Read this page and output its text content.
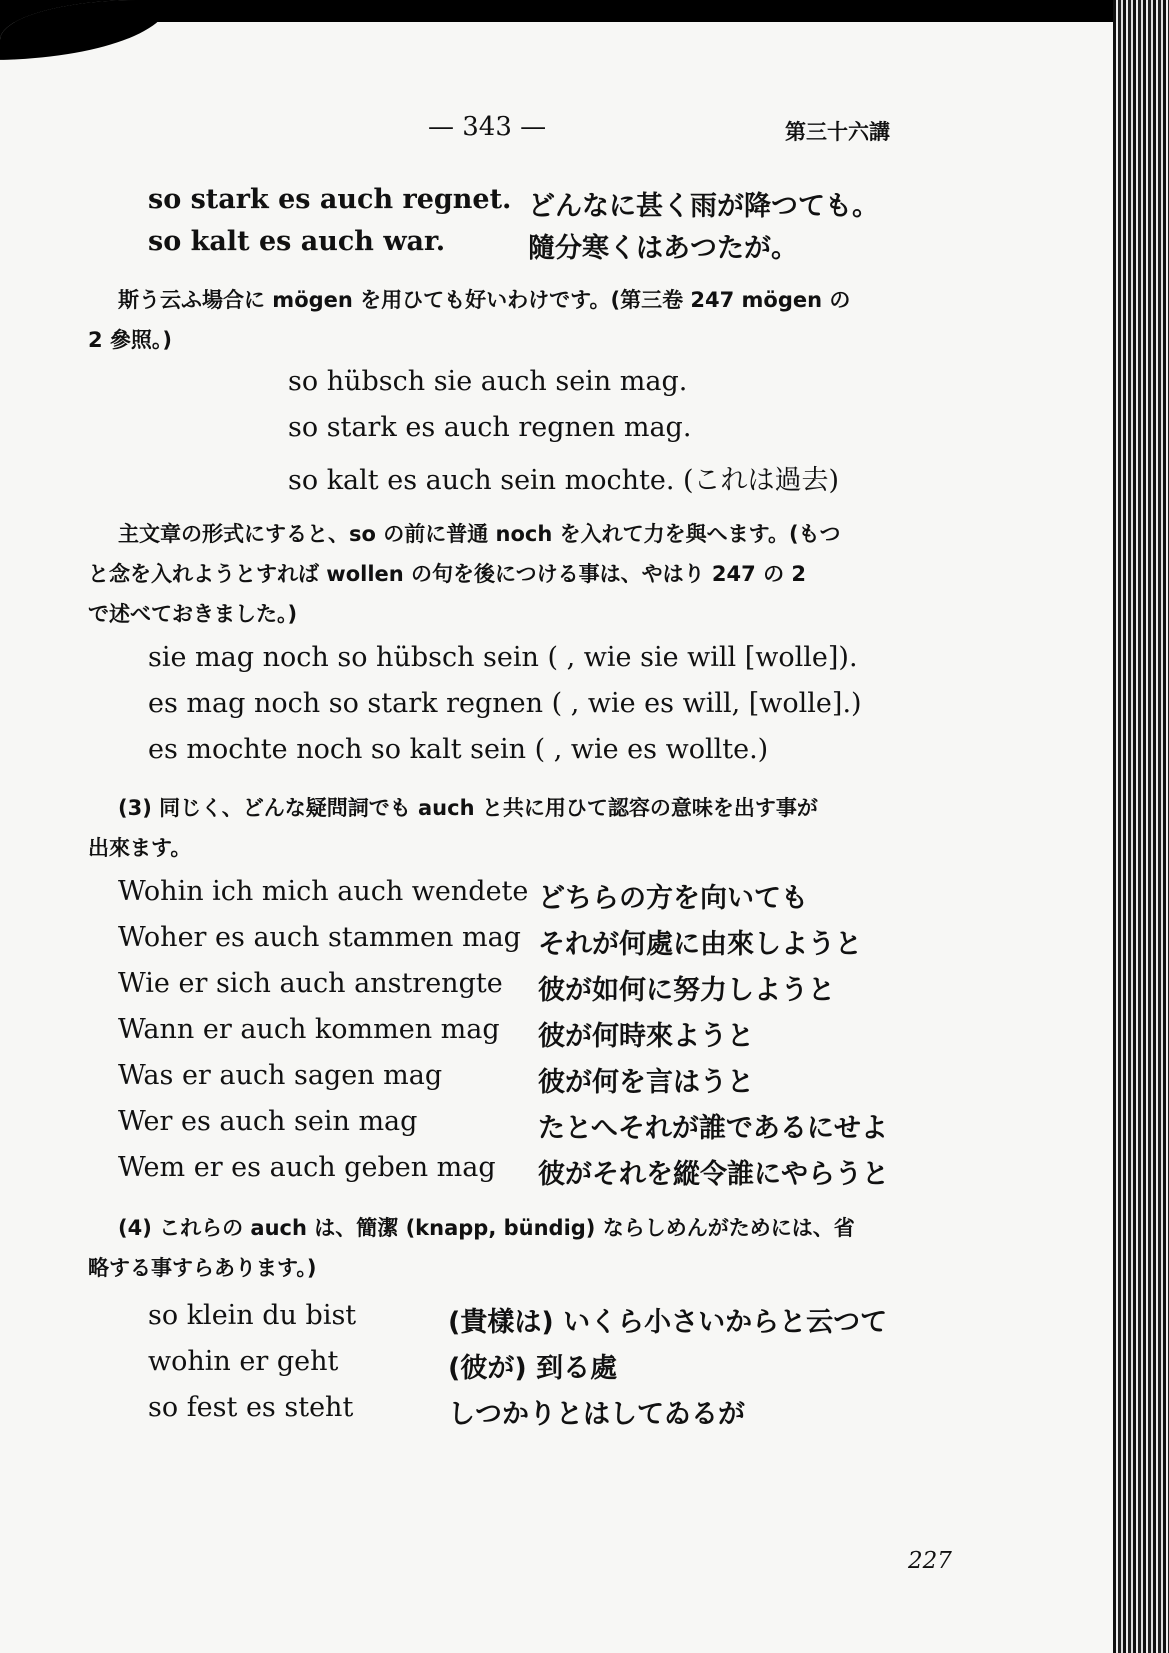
— 343 —	第三十六講
so stark es auch regnet. どんなに甚く雨が降つても。
so kalt es auch war.	隨分寒くはあつたが。
斯う云ふ場合に mögen を用ひても好いわけです。(第三卷 247 mögen の
2 參照。)
so hübsch sie auch sein mag.
so stark es auch regnen mag.
so kalt es auch sein mochte. (これは過去)
主文章の形式にすると、so の前に普通 noch を入れて力を與へます。(もつ
と念を入れようとすれば wollen の句を後につける事は、やはり 247 の 2
で述べておきました。)
sie mag noch so hübsch sein ( , wie sie will [wolle]).
es mag noch so stark regnen ( , wie es will, [wolle].)
es mochte noch so kalt sein ( , wie es wollte.)
(3) 同じく、どんな疑問詞でも auch と共に用ひて認容の意味を出す事が
出來ます。
Wohin ich mich auch wendete どちらの方を向いても
Woher es auch stammen mag それが何處に由來しようと
Wie er sich auch anstrengte 彼が如何に努力しようと
Wann er auch kommen mag 彼が何時來ようと
Was er auch sagen mag	彼が何を言はうと
Wer es auch sein mag	たとへそれが誰であるにせよ
Wem er es auch geben mag 彼がそれを縱令誰にやらうと
(4) これらの auch は、簡潔 (knapp, bündig) ならしめんがためには、省
略する事すらあります。)
so klein du bist	(貴樣は) いくら小さいからと云つて
wohin er geht	(彼が) 到る處
so fest es steht	しつかりとはしてゐるが
227
